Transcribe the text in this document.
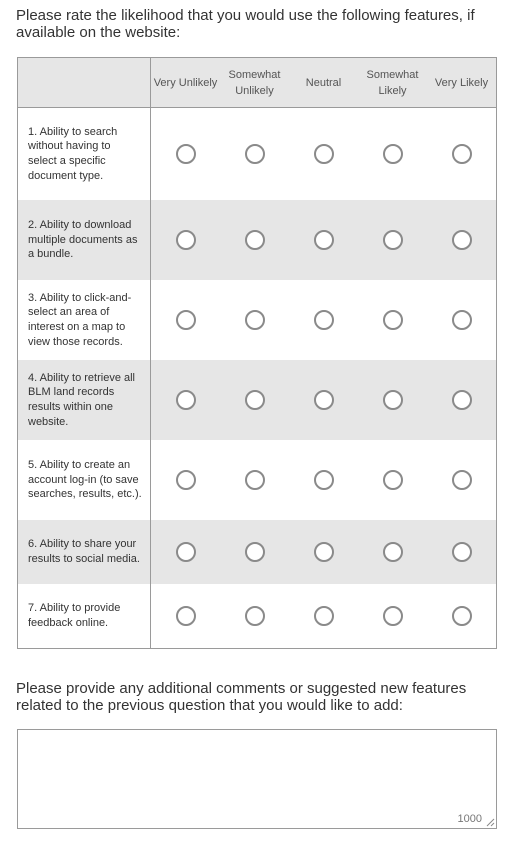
Please rate the likelihood that you would use the following features, if available on the website:
Very Unlikely
Somewhat Unlikely
Neutral
Somewhat Likely
Very Likely
1. Ability to search without having to select a specific document type.
2. Ability to download multiple documents as a bundle.
3. Ability to click-and-select an area of interest on a map to view those records.
4. Ability to retrieve all BLM land records results within one website.
5. Ability to create an account log-in (to save searches, results, etc.).
6. Ability to share your results to social media.
7. Ability to provide feedback online.
Please provide any additional comments or suggested new features related to the previous question that you would like to add:
1000
